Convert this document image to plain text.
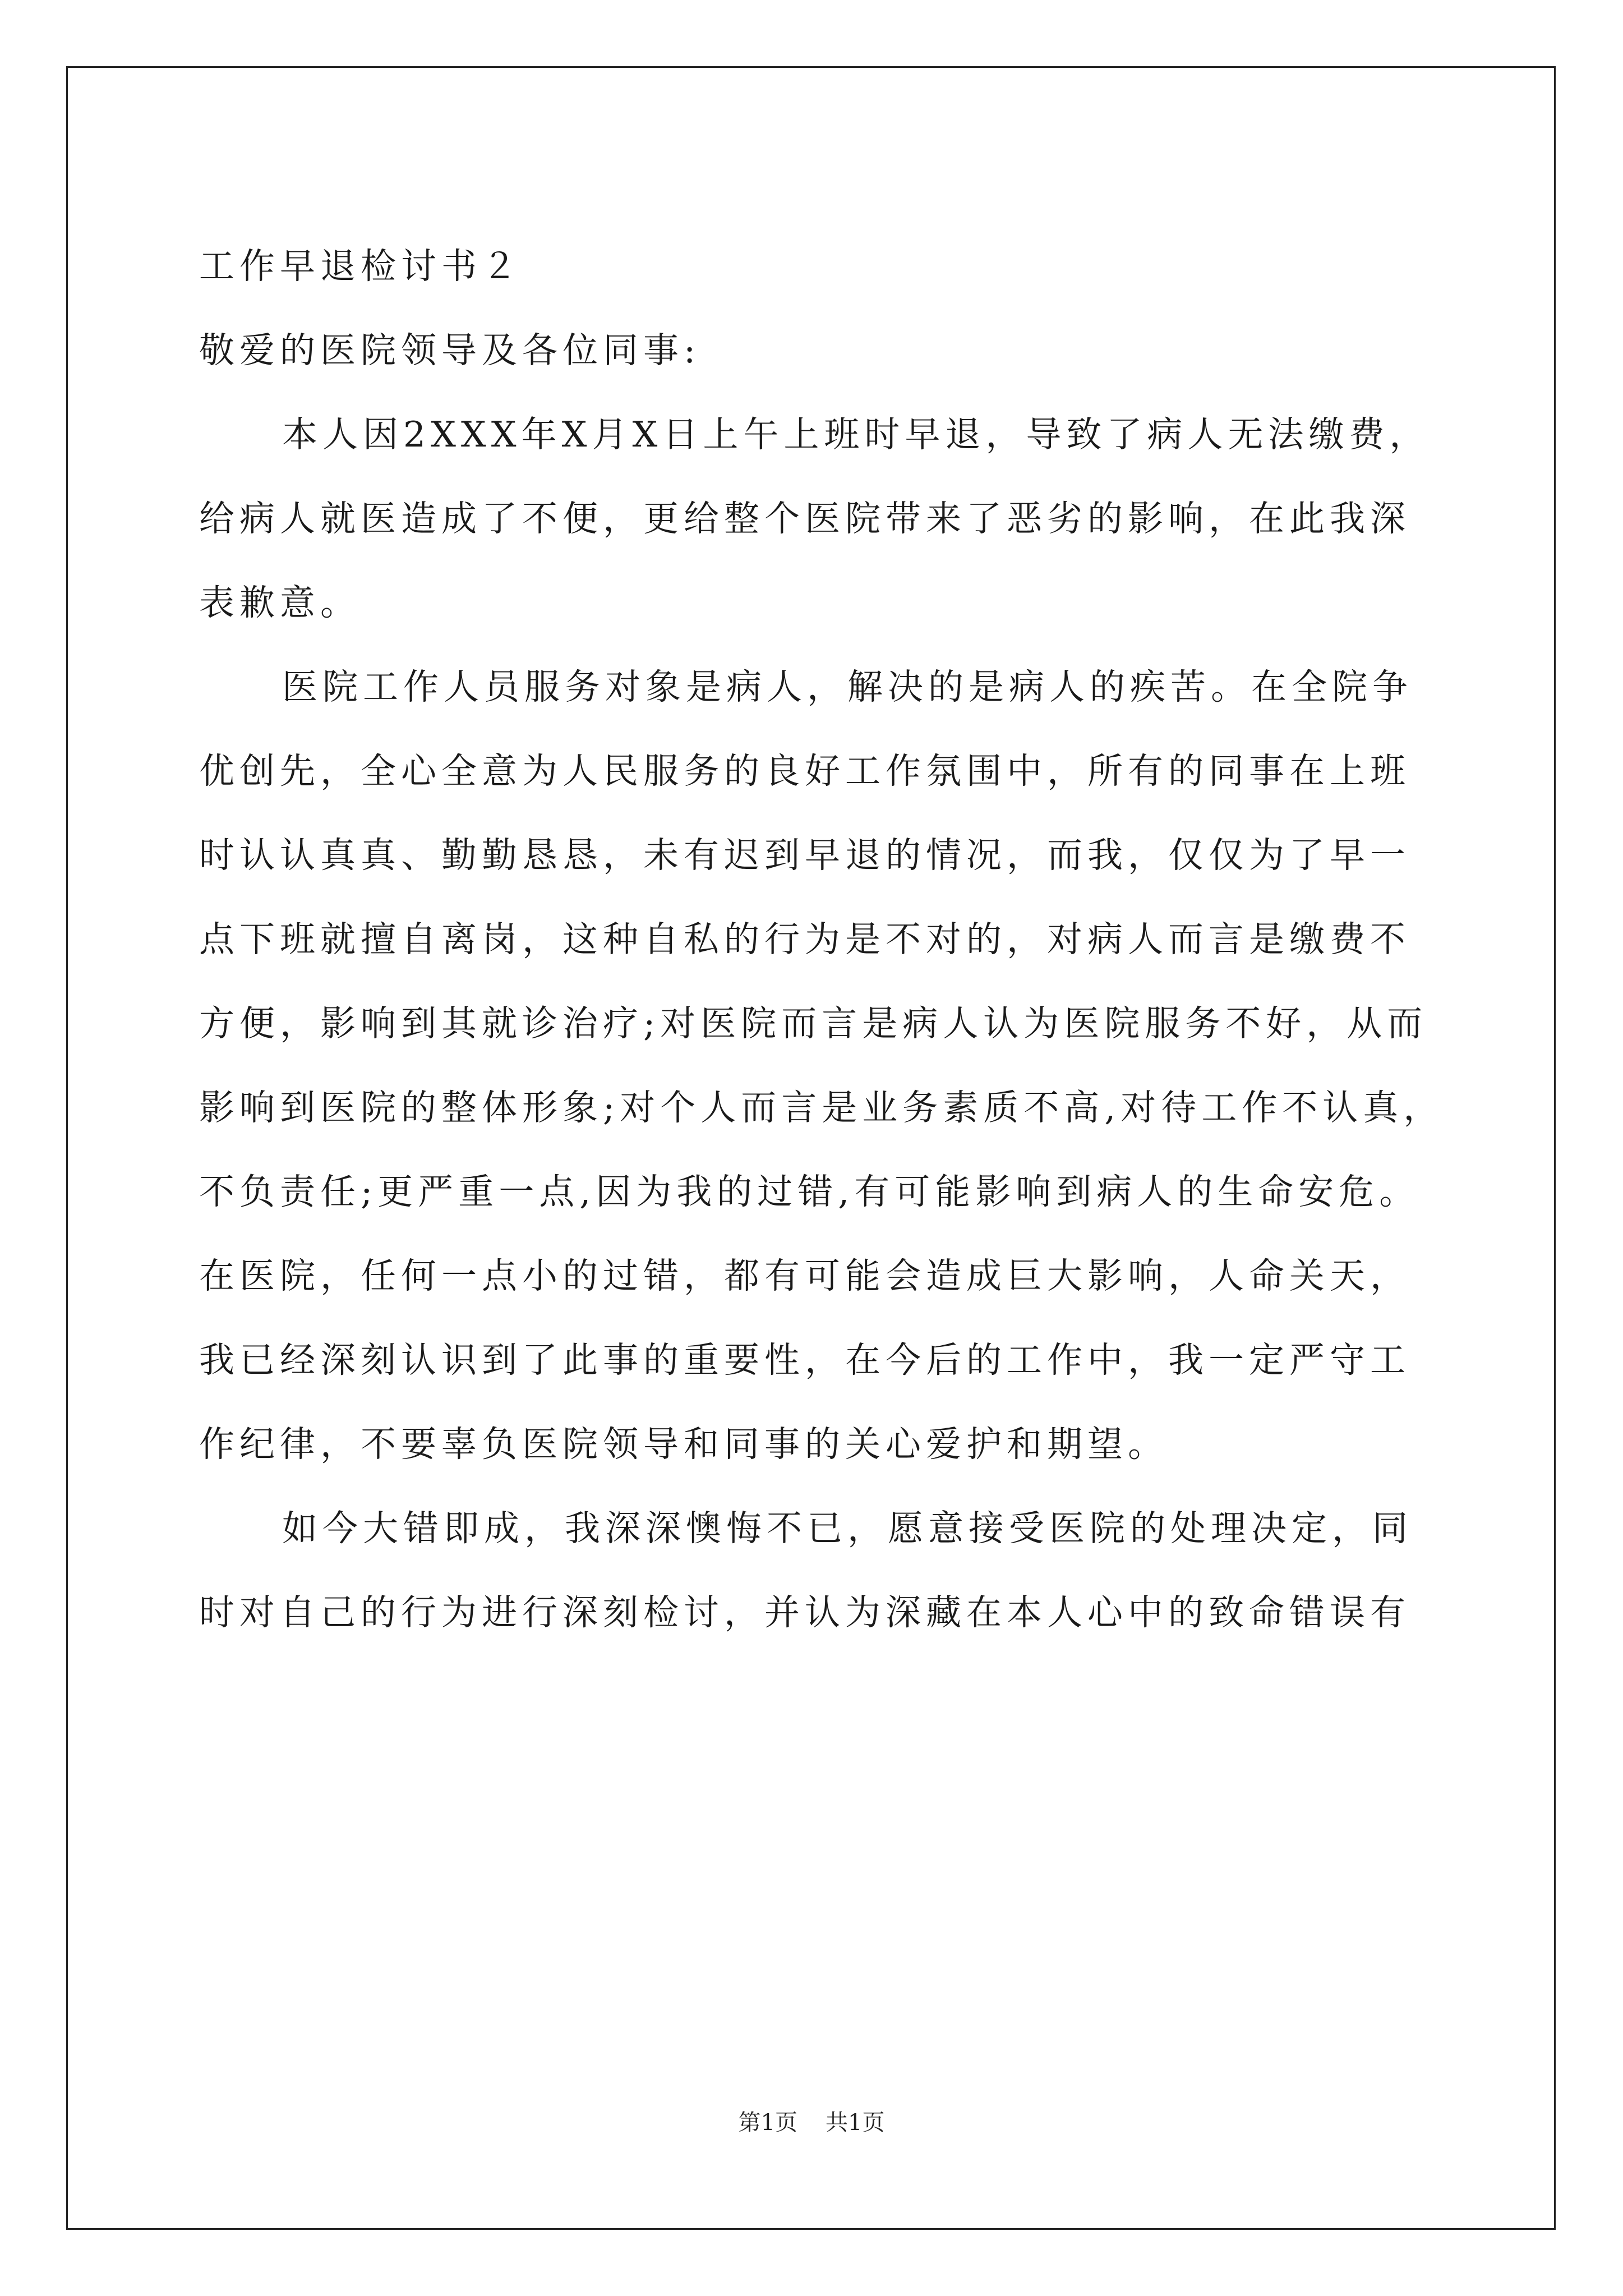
工作早退检讨书２
敬爱的医院领导及各位同事:
本人因2XXX年X月X日上午上班时早退，导致了病人无法缴费，
给病人就医造成了不便，更给整个医院带来了恶劣的影响，在此我深
表歉意。
医院工作人员服务对象是病人，解决的是病人的疾苦。在全院争
优创先，全心全意为人民服务的良好工作氛围中，所有的同事在上班
时认认真真、勤勤恳恳，未有迟到早退的情况，而我，仅仅为了早一
点下班就擅自离岗，这种自私的行为是不对的，对病人而言是缴费不
方便，影响到其就诊治疗;对医院而言是病人认为医院服务不好，从而
影响到医院的整体形象;对个人而言是业务素质不高,对待工作不认真，
不负责任;更严重一点,因为我的过错,有可能影响到病人的生命安危。
在医院，任何一点小的过错，都有可能会造成巨大影响，人命关天，
我已经深刻认识到了此事的重要性，在今后的工作中，我一定严守工
作纪律，不要辜负医院领导和同事的关心爱护和期望。
如今大错即成，我深深懊悔不已，愿意接受医院的处理决定，同
时对自己的行为进行深刻检讨，并认为深藏在本人心中的致命错误有
第1页 共1页
